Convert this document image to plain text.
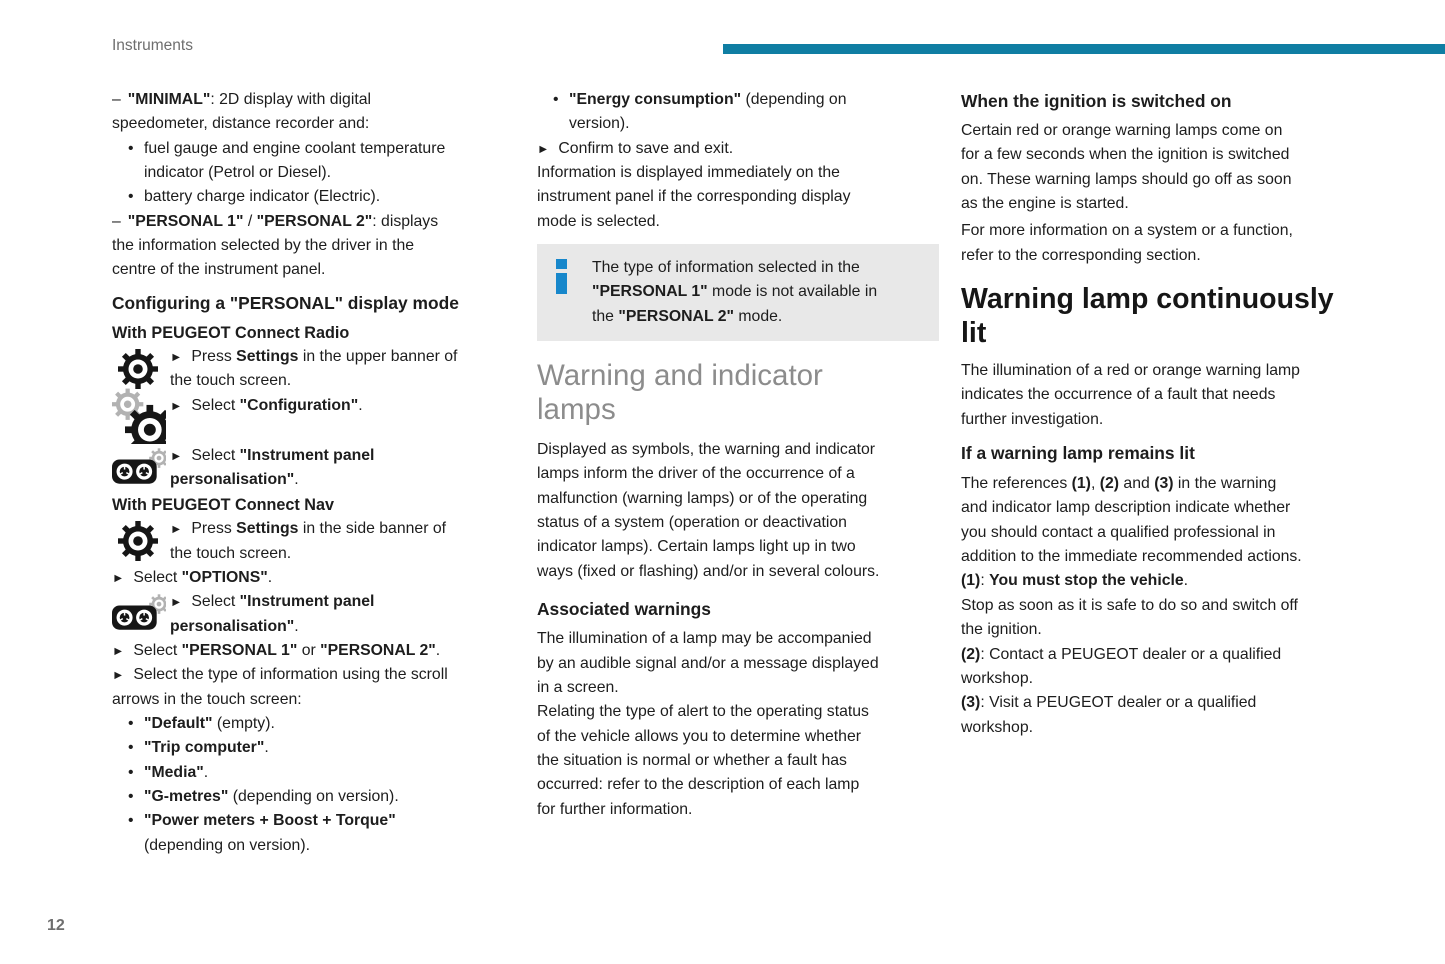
Instruments

– "MINIMAL": 2D display with digital
speedometer, distance recorder and:

• fuel gauge and engine coolant temperature
indicator (Petrol or Diesel).
• battery charge indicator (Electric).

– "PERSONAL 1" / "PERSONAL 2": displays
the information selected by the driver in the
centre of the instrument panel.

Configuring a "PERSONAL" display mode
With PEUGEOT Connect Radio

► Press Settings in the upper banner of
the touch screen.

► Select "Configuration".

► Select "Instrument panel
personalisation".

With PEUGEOT Connect Nav

► Press Settings in the side banner of
the touch screen.

► Select "OPTIONS".

► Select "Instrument panel
personalisation".

► Select "PERSONAL 1" or "PERSONAL 2".

► Select the type of information using the scroll
arrows in the touch screen:

• "Default" (empty).
• "Trip computer".
• "Media".
• "G-metres" (depending on version).
• "Power meters + Boost + Torque"
(depending on version).
• "Energy consumption" (depending on
version).

► Confirm to save and exit.

Information is displayed immediately on the
instrument panel if the corresponding display
mode is selected.

The type of information selected in the
"PERSONAL 1" mode is not available in
the "PERSONAL 2" mode.

Warning and indicator
lamps

Displayed as symbols, the warning and indicator
lamps inform the driver of the occurrence of a
malfunction (warning lamps) or of the operating
status of a system (operation or deactivation
indicator lamps). Certain lamps light up in two
ways (fixed or flashing) and/or in several colours.

Associated warnings

The illumination of a lamp may be accompanied
by an audible signal and/or a message displayed
in a screen.

Relating the type of alert to the operating status
of the vehicle allows you to determine whether
the situation is normal or whether a fault has
occurred: refer to the description of each lamp
for further information.

When the ignition is switched on

Certain red or orange warning lamps come on
for a few seconds when the ignition is switched
on. These warning lamps should go off as soon
as the engine is started.

For more information on a system or a function,
refer to the corresponding section.

Warning lamp continuously
lit

The illumination of a red or orange warning lamp
indicates the occurrence of a fault that needs
further investigation.

If a warning lamp remains lit

The references (1), (2) and (3) in the warning
and indicator lamp description indicate whether
you should contact a qualified professional in
addition to the immediate recommended actions.

(1): You must stop the vehicle.

Stop as soon as it is safe to do so and switch off
the ignition.

(2): Contact a PEUGEOT dealer or a qualified
workshop.

(3): Visit a PEUGEOT dealer or a qualified
workshop.

12
